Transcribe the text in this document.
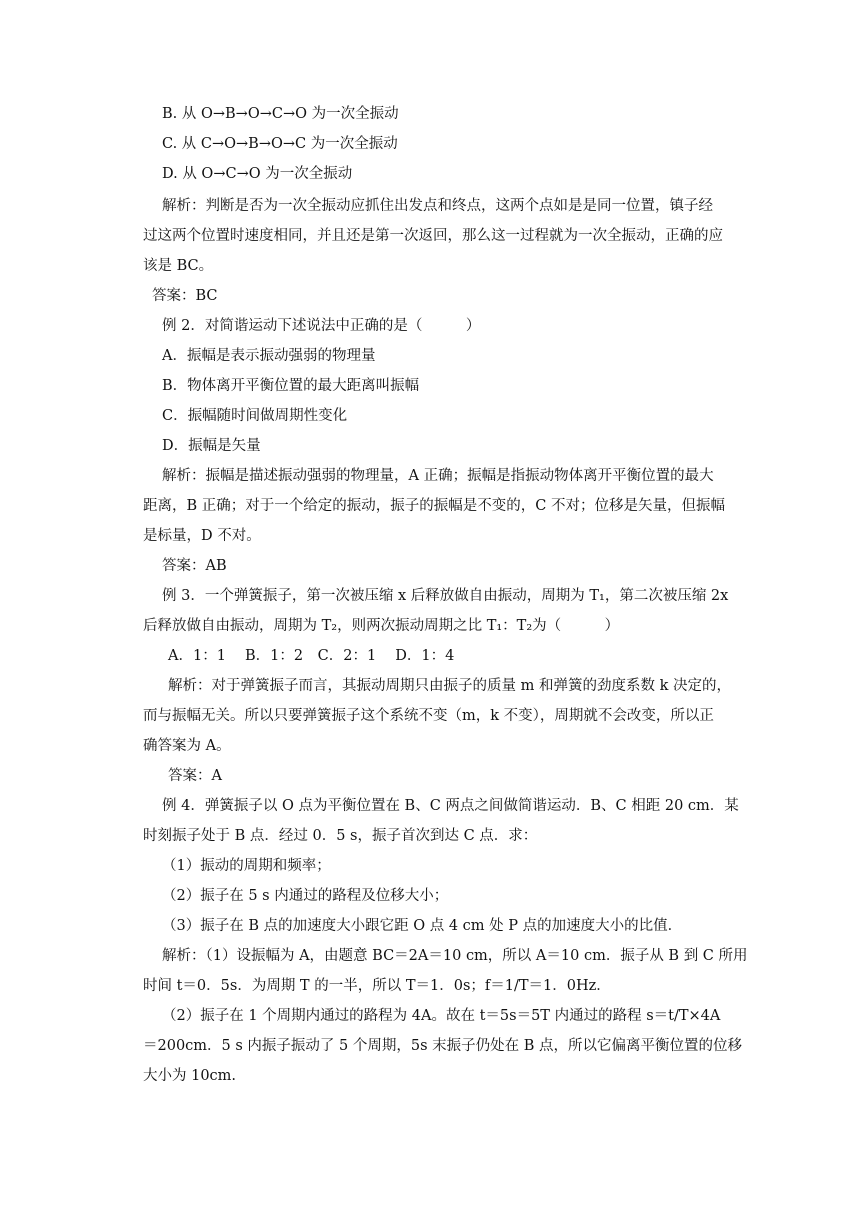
B. 从 O→B→O→C→O 为一次全振动
C. 从 C→O→B→O→C 为一次全振动
D. 从 O→C→O 为一次全振动
解析：判断是否为一次全振动应抓住出发点和终点，这两个点如是是同一位置，镇子经
过这两个位置时速度相同，并且还是第一次返回，那么这一过程就为一次全振动，正确的应
该是 BC。
答案：BC
例 2．对简谐运动下述说法中正确的是（　　　）
A．振幅是表示振动强弱的物理量
B．物体离开平衡位置的最大距离叫振幅
C．振幅随时间做周期性变化
D．振幅是矢量
解析：振幅是描述振动强弱的物理量，A 正确；振幅是指振动物体离开平衡位置的最大
距离，B 正确；对于一个给定的振动，振子的振幅是不变的，C 不对；位移是矢量，但振幅
是标量，D 不对。
答案：AB
例 3．一个弹簧振子，第一次被压缩 x 后释放做自由振动，周期为 T₁，第二次被压缩 2x
后释放做自由振动，周期为 T₂，则两次振动周期之比 T₁：T₂为（　　　）
A．1：1　 B．1：2　C．2：1　 D．1：4
解析：对于弹簧振子而言，其振动周期只由振子的质量 m 和弹簧的劲度系数 k 决定的，
而与振幅无关。所以只要弹簧振子这个系统不变（m，k 不变），周期就不会改变，所以正
确答案为 A。
答案：A
例 4．弹簧振子以 O 点为平衡位置在 B、C 两点之间做简谐运动．B、C 相距 20 cm．某
时刻振子处于 B 点．经过 0．5 s，振子首次到达 C 点．求：
（1）振动的周期和频率；
（2）振子在 5 s 内通过的路程及位移大小；
（3）振子在 B 点的加速度大小跟它距 O 点 4 cm 处 P 点的加速度大小的比值．
解析：（1）设振幅为 A，由题意 BC＝2A＝10 cm，所以 A＝10 cm．振子从 B 到 C 所用
时间 t＝0．5s．为周期 T 的一半，所以 T＝1．0s；f＝1/T＝1．0Hz．
（2）振子在 1 个周期内通过的路程为 4A。故在 t＝5s＝5T 内通过的路程 s＝t/T×4A
＝200cm．5 s 内振子振动了 5 个周期，5s 末振子仍处在 B 点，所以它偏离平衡位置的位移
大小为 10cm.
